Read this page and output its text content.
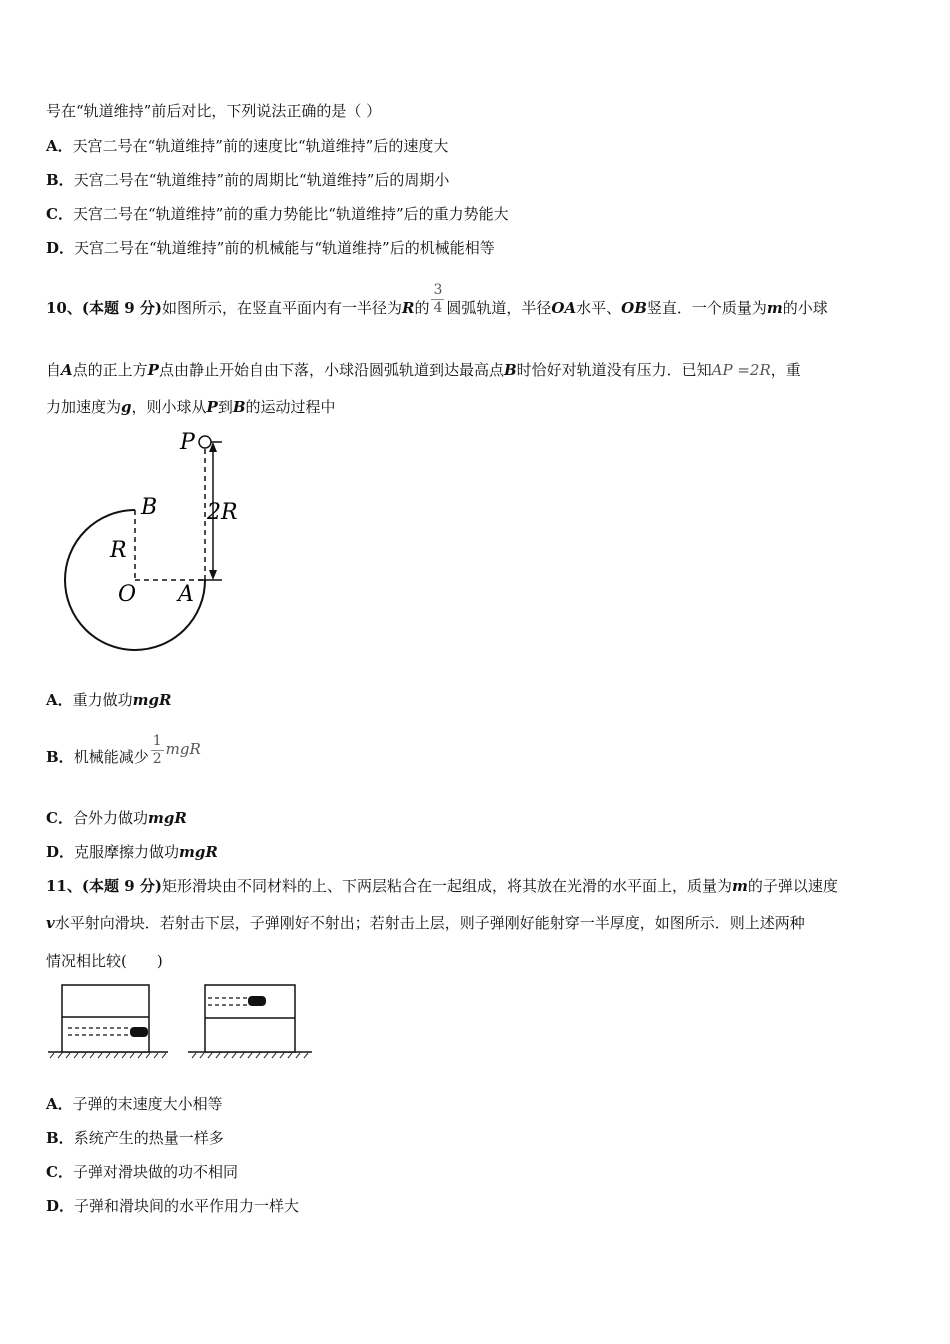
号在“轨道维持”前后对比，下列说法正确的是（ ）
A．天宫二号在“轨道维持”前的速度比“轨道维持”后的速度大
B．天宫二号在“轨道维持”前的周期比“轨道维持”后的周期小
C．天宫二号在“轨道维持”前的重力势能比“轨道维持”后的重力势能大
D．天宫二号在“轨道维持”前的机械能与“轨道维持”后的机械能相等
10、(本题 9 分)如图所示，在竖直平面内有一半径为R的 $\frac{3}{4}$ 圆弧轨道，半径OA水平、OB竖直．一个质量为m的小球
自A点的正上方P点由静止开始自由下落，小球沿圆弧轨道到达最高点B时恰好对轨道没有压力．已知AP =2R，重
力加速度为g，则小球从P到B的运动过程中
P
B
R
2R
O A
A．重力做功mgR
B．机械能减少 $\frac{1}{2}$ mgR
C．合外力做功mgR
D．克服摩擦力做功mgR
11、(本题 9 分)矩形滑块由不同材料的上、下两层粘合在一起组成，将其放在光滑的水平面上，质量为m的子弹以速度
v水平射向滑块．若射击下层，子弹刚好不射出；若射击上层，则子弹刚好能射穿一半厚度，如图所示．则上述两种
情况相比较(　　)
A．子弹的末速度大小相等
B．系统产生的热量一样多
C．子弹对滑块做的功不相同
D．子弹和滑块间的水平作用力一样大
